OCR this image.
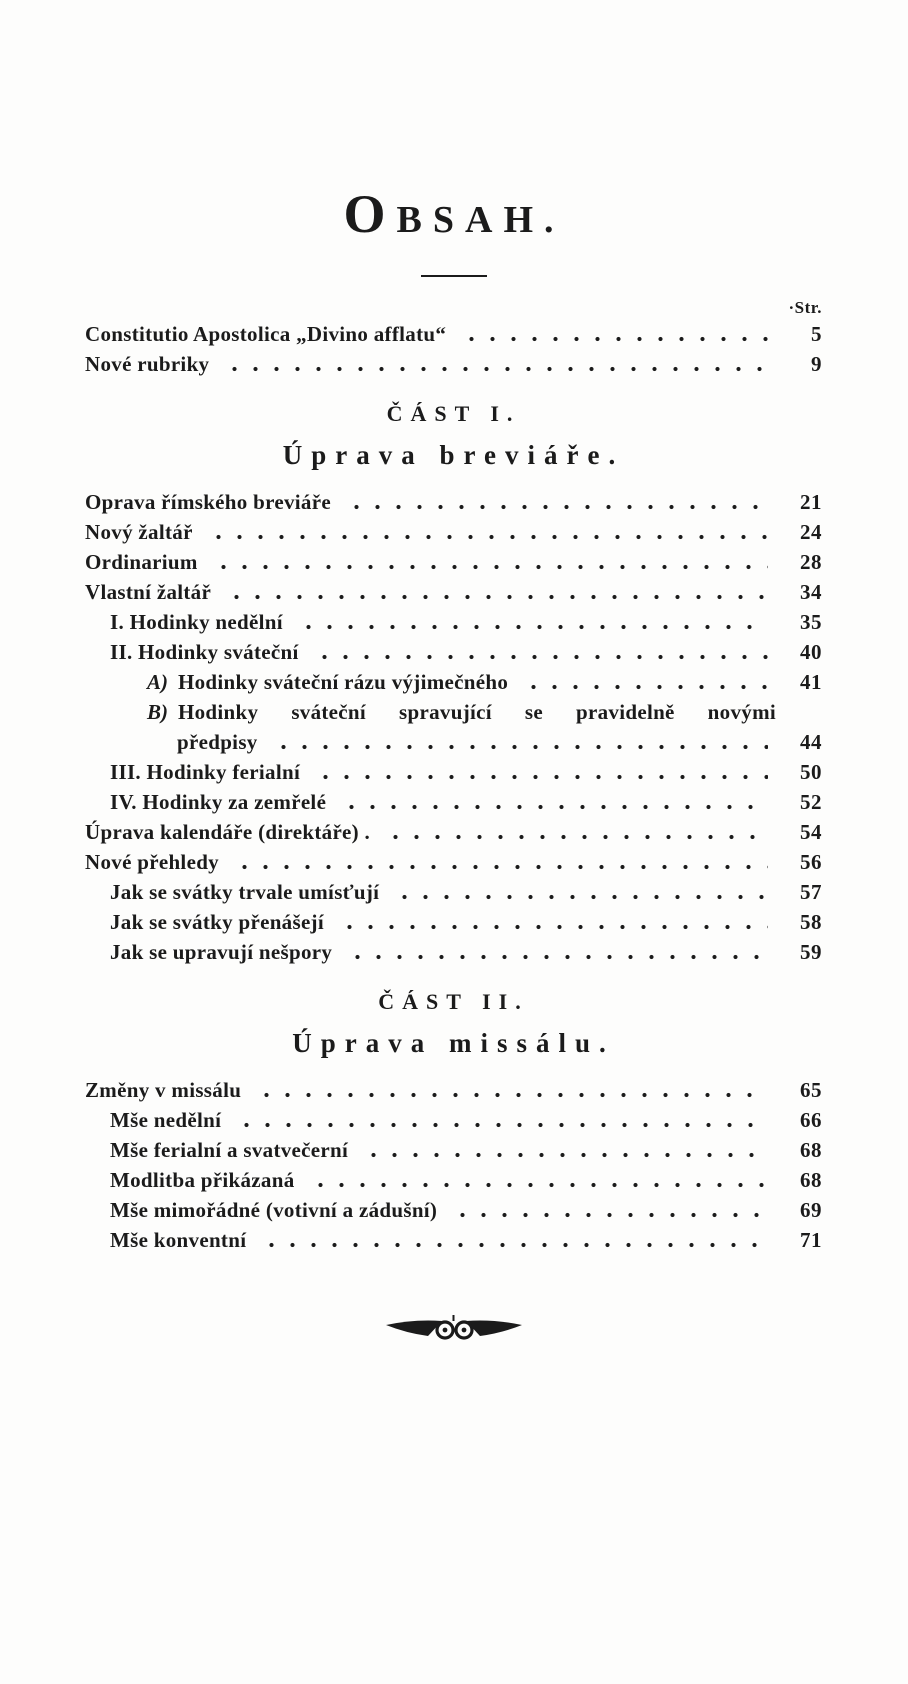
OBSAH.
·Str.
Constitutio Apostolica „Divino afflatu“	5
Nové rubriky	9
ČÁST I.
Úprava breviáře.
Oprava římského breviáře	21
Nový žaltář	24
Ordinarium	28
Vlastní žaltář	34
I. Hodinky nedělní	35
II. Hodinky sváteční	40
A) Hodinky sváteční rázu výjimečného	41
B) Hodinky sváteční spravující se pravidelně novými
předpisy	44
III. Hodinky ferialní	50
IV. Hodinky za zemřelé	52
Úprava kalendáře (direktáře) .	54
Nové přehledy	56
Jak se svátky trvale umísťují	57
Jak se svátky přenášejí	58
Jak se upravují nešpory	59
ČÁST II.
Úprava missálu.
Změny v missálu	65
Mše nedělní	66
Mše ferialní a svatvečerní	68
Modlitba přikázaná	68
Mše mimořádné (votivní a zádušní)	69
Mše konventní	71
